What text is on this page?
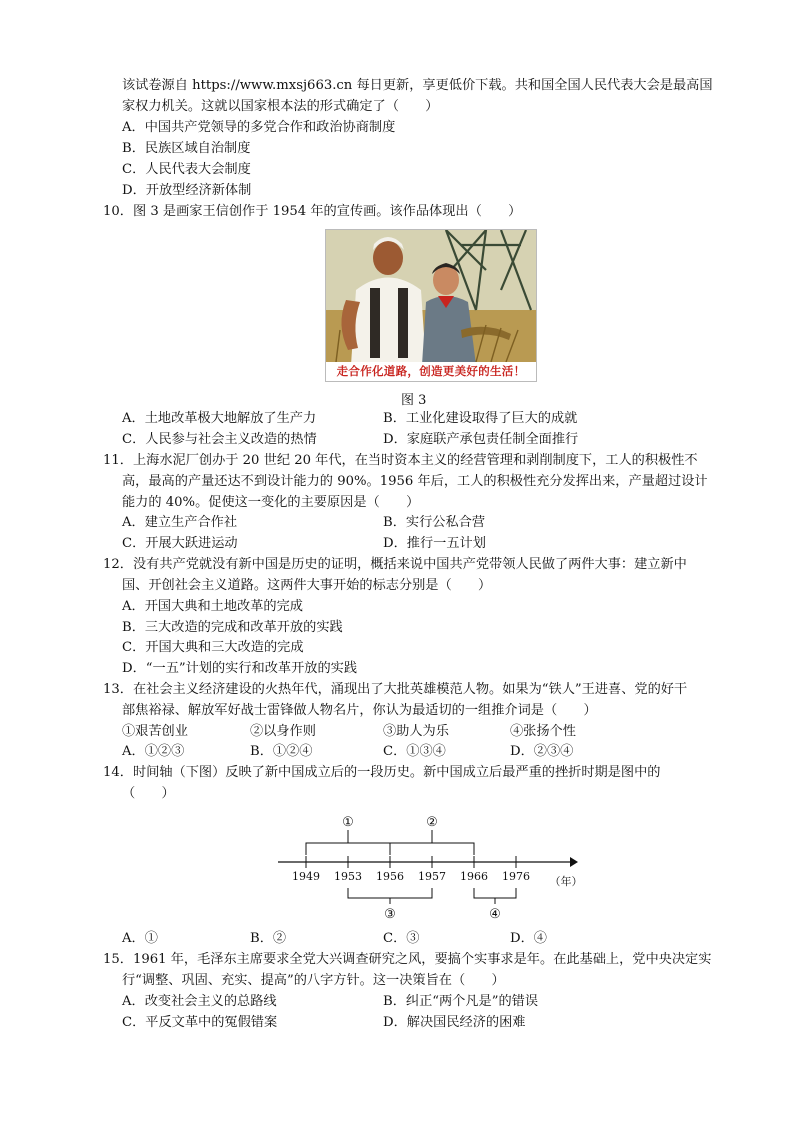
该试卷源自 https://www.mxsj663.cn 每日更新，享更低价下载。共和国全国人民代表大会是最高国
家权力机关。这就以国家根本法的形式确定了（　　）
A．中国共产党领导的多党合作和政治协商制度
B．民族区域自治制度
C．人民代表大会制度
D．开放型经济新体制
10．图 3 是画家王信创作于 1954 年的宣传画。该作品体现出（　　）
走合作化道路，创造更美好的生活！
图 3
A．土地改革极大地解放了生产力	B．工业化建设取得了巨大的成就
C．人民参与社会主义改造的热情	D．家庭联产承包责任制全面推行
11．上海水泥厂创办于 20 世纪 20 年代，在当时资本主义的经营管理和剥削制度下，工人的积极性不
高，最高的产量还达不到设计能力的 90%。1956 年后，工人的积极性充分发挥出来，产量超过设计
能力的 40%。促使这一变化的主要原因是（　　）
A．建立生产合作社	B．实行公私合营
C．开展大跃进运动	D．推行一五计划
12．没有共产党就没有新中国是历史的证明，概括来说中国共产党带领人民做了两件大事：建立新中
国、开创社会主义道路。这两件大事开始的标志分别是（　　）
A．开国大典和土地改革的完成
B．三大改造的完成和改革开放的实践
C．开国大典和三大改造的完成
D．“一五”计划的实行和改革开放的实践
13．在社会主义经济建设的火热年代，涌现出了大批英雄模范人物。如果为“铁人”王进喜、党的好干
部焦裕禄、解放军好战士雷锋做人物名片，你认为最适切的一组推介词是（　　）
①艰苦创业	②以身作则	③助人为乐	④张扬个性
A．①②③	B．①②④	C．①③④	D．②③④
14．时间轴（下图）反映了新中国成立后的一段历史。新中国成立后最严重的挫折时期是图中的
（　　）
1949 1953 1956 1957 1966 1976 （年）
①	②
③	④
A．①	B．②	C．③	D．④
15．1961 年，毛泽东主席要求全党大兴调查研究之风，要搞个实事求是年。在此基础上，党中央决定实
行“调整、巩固、充实、提高”的八字方针。这一决策旨在（　　）
A．改变社会主义的总路线	B．纠正“两个凡是”的错误
C．平反文革中的冤假错案	D．解决国民经济的困难
